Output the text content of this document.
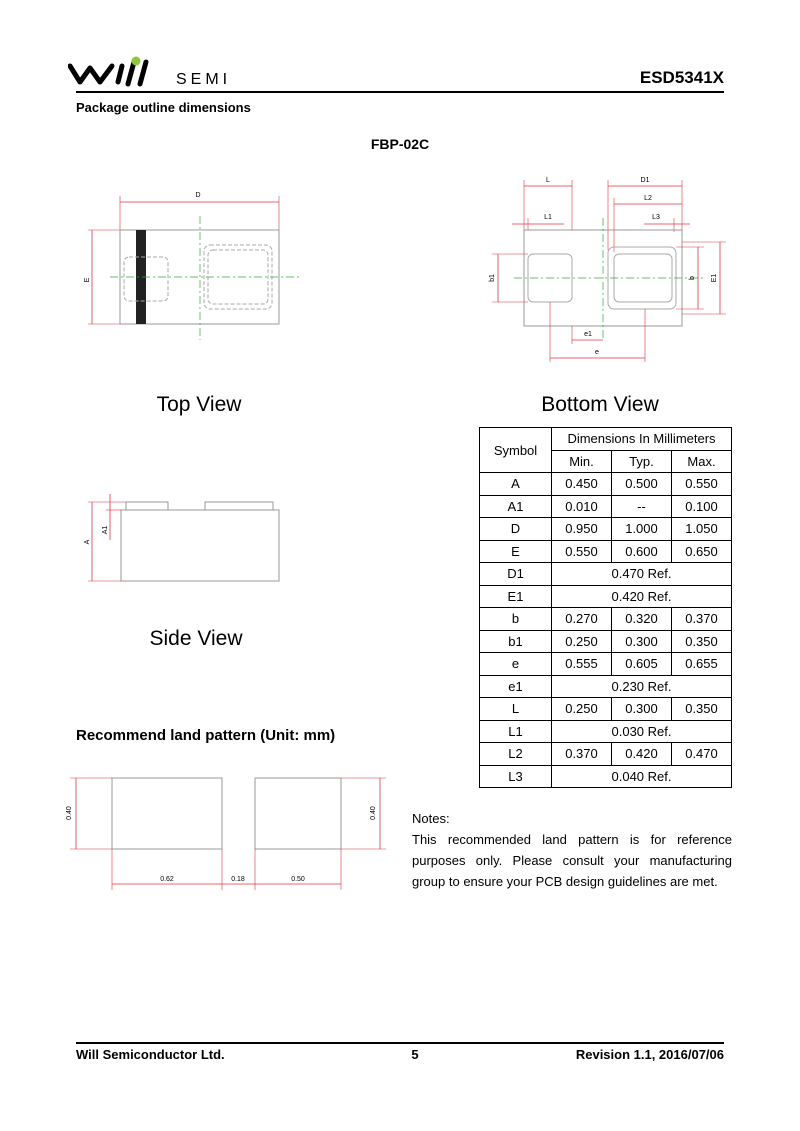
SEMI	ESD5341X
Package outline dimensions
FBP-02C
D
E
Top View
L
L1
D1
L2
L3
b1	b E1
e1
e
Bottom View
A
A1
Side View
Symbol	Dimensions In Millimeters		
	Min.	Typ.	Max.
A	0.450	0.500	0.550
A1	0.010	--	0.100
D	0.950	1.000	1.050
E	0.550	0.600	0.650
D1	0.470 Ref.		
E1	0.420 Ref.		
b	0.270	0.320	0.370
b1	0.250	0.300	0.350
e	0.555	0.605	0.655
e1	0.230 Ref.		
L	0.250	0.300	0.350
L1	0.030 Ref.		
L2	0.370	0.420	0.470
L3	0.040 Ref.		
Recommend land pattern (Unit: mm)
0.40	0.40
0.62	0.18	0.50

Notes:

This recommended land pattern is for reference purposes only. Please consult your manufacturing group to ensure your PCB design guidelines are met.

Will Semiconductor Ltd.	5	Revision 1.1, 2016/07/06
